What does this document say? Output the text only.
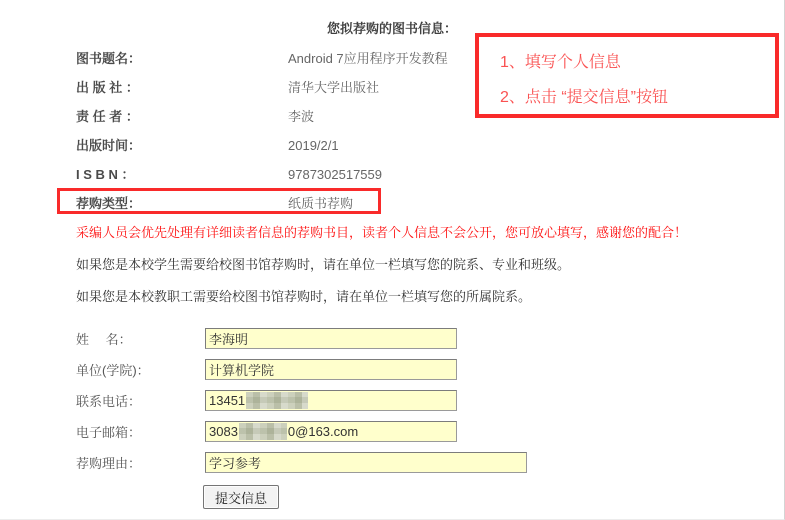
您拟荐购的图书信息：
图书题名：	Android 7应用程序开发教程
出 版 社 ：	清华大学出版社
责 任 者 ：	李波
出版时间：	2019/2/1
I S B N ：	9787302517559
荐购类型：	纸质书荐购
1、填写个人信息
2、点击 “提交信息”按钮
采编人员会优先处理有详细读者信息的荐购书目，读者个人信息不会公开，您可放心填写，感谢您的配合！
如果您是本校学生需要给校图书馆荐购时，请在单位一栏填写您的院系、专业和班级。
如果您是本校教职工需要给校图书馆荐购时，请在单位一栏填写您的所属院系。
姓　 名：	李海明
单位(学院)：	计算机学院
联系电话：	13451
电子邮箱：	3083	0@163.com
荐购理由：	学习参考
提交信息
